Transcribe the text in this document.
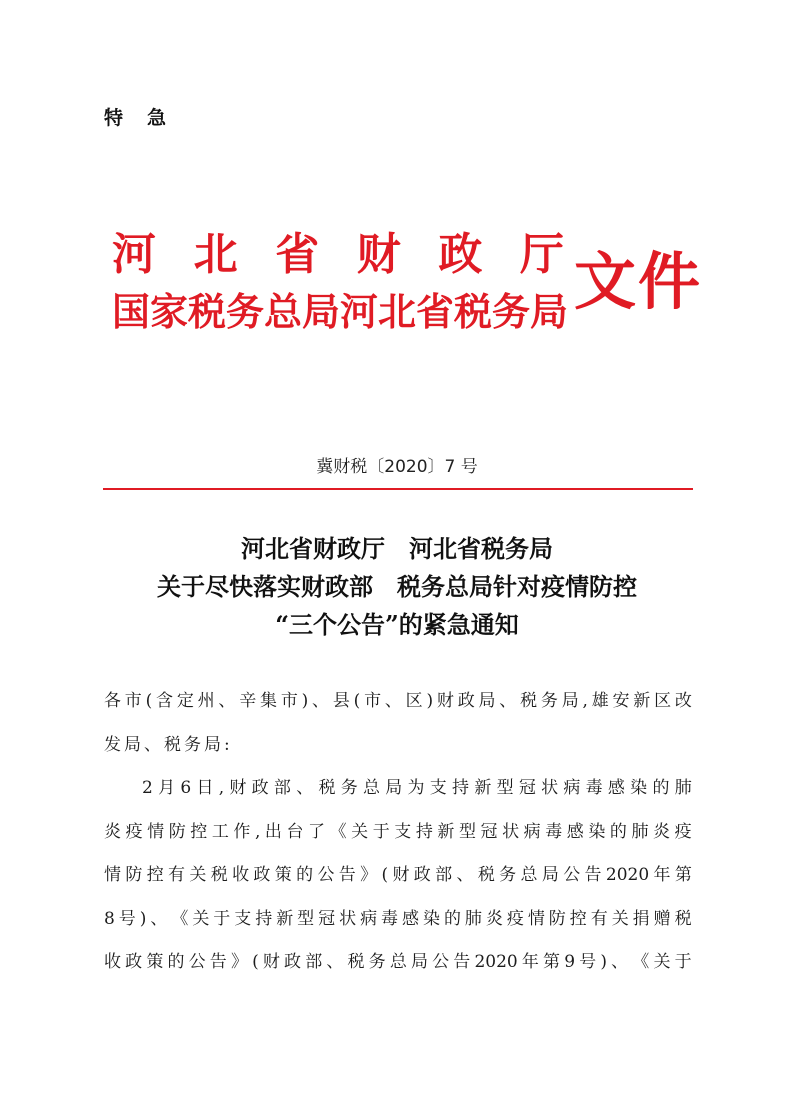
特急
河 北 省 财 政 厅
国家税务总局河北省税务局 文件
冀财税〔2020〕7 号
河北省财政厅　河北省税务局
关于尽快落实财政部　税务总局针对疫情防控
“三个公告”的紧急通知
各 市 ( 含 定 州 、 辛 集 市 ) 、 县 ( 市 、 区 ) 财 政 局 、 税 务 局 , 雄 安 新 区 改
发局、税务局:
2 月 6 日 , 财 政 部 、 税 务 总 局 为 支 持 新 型 冠 状 病 毒 感 染 的 肺
炎 疫 情 防 控 工 作 , 出 台 了 《 关 于 支 持 新 型 冠 状 病 毒 感 染 的 肺 炎 疫
情 防 控 有 关 税 收 政 策 的 公 告 》 ( 财 政 部 、 税 务 总 局 公 告 2020 年 第
8 号 ) 、 《 关 于 支 持 新 型 冠 状 病 毒 感 染 的 肺 炎 疫 情 防 控 有 关 捐 赠 税
收 政 策 的 公 告 》 ( 财 政 部 、 税 务 总 局 公 告 2020 年 第 9 号 ) 、 《 关 于
